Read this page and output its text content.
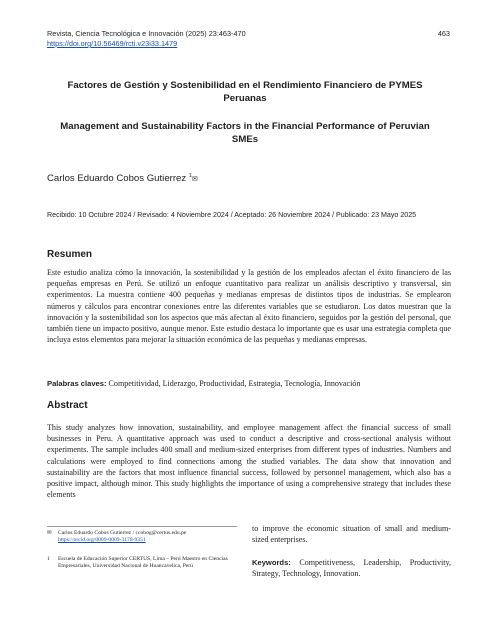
Revista, Ciencia Tecnológica e Innovación (2025) 23:463-470
https://doi.org/10.56469/rcti.v23i33.1479
463
Factores de Gestión y Sostenibilidad en el Rendimiento Financiero de PYMES Peruanas
Management and Sustainability Factors in the Financial Performance of Peruvian SMEs
Carlos Eduardo Cobos Gutierrez $^1$✉
Recibido: 10 Octubre 2024 / Revisado: 4 Noviembre 2024 / Aceptado: 26 Noviembre 2024 / Publicado: 23 Mayo 2025
Resumen

Este estudio analiza cómo la innovación, la sostenibilidad y la gestión de los empleados afectan el éxito financiero de las pequeñas empresas en Perú. Se utilizó un enfoque cuantitativo para realizar un análisis descriptivo y transversal, sin experimentos. La muestra contiene 400 pequeñas y medianas empresas de distintos tipos de industrias. Se emplearon números y cálculos para encontrar conexiones entre las diferentes variables que se estudiaron. Los datos muestran que la innovación y la sostenibilidad son los aspectos que más afectan al éxito financiero, seguidos por la gestión del personal, que también tiene un impacto positivo, aunque menor. Este estudio destaca lo importante que es usar una estrategia completa que incluya estos elementos para mejorar la situación económica de las pequeñas y medianas empresas.

Palabras claves: Competitividad, Liderazgo, Productividad, Estrategia, Tecnología, Innovación
Abstract

This study analyzes how innovation, sustainability, and employee management affect the financial success of small businesses in Peru. A quantitative approach was used to conduct a descriptive and cross-sectional analysis without experiments. The sample includes 400 small and medium-sized enterprises from different types of industries. Numbers and calculations were employed to find connections among the studied variables. The data show that innovation and sustainability are the factors that most influence financial success, followed by personnel management, which also has a positive impact, although minor. This study highlights the importance of using a comprehensive strategy that includes these elements

✉ Carlos Eduardo Cobos Gutierrez / ccobog@certus.edu.pe
https://orcid.org/0009-0009-3178-9351
1 Escuela de Educación Superior CERTUS, Lima – Perú Maestro en Ciencias Empresariales, Universidad Nacional de Huancavelica, Perú

to improve the economic situation of small and medium-sized enterprises.

Keywords: Competitiveness, Leadership, Productivity, Strategy, Technology, Innovation.
